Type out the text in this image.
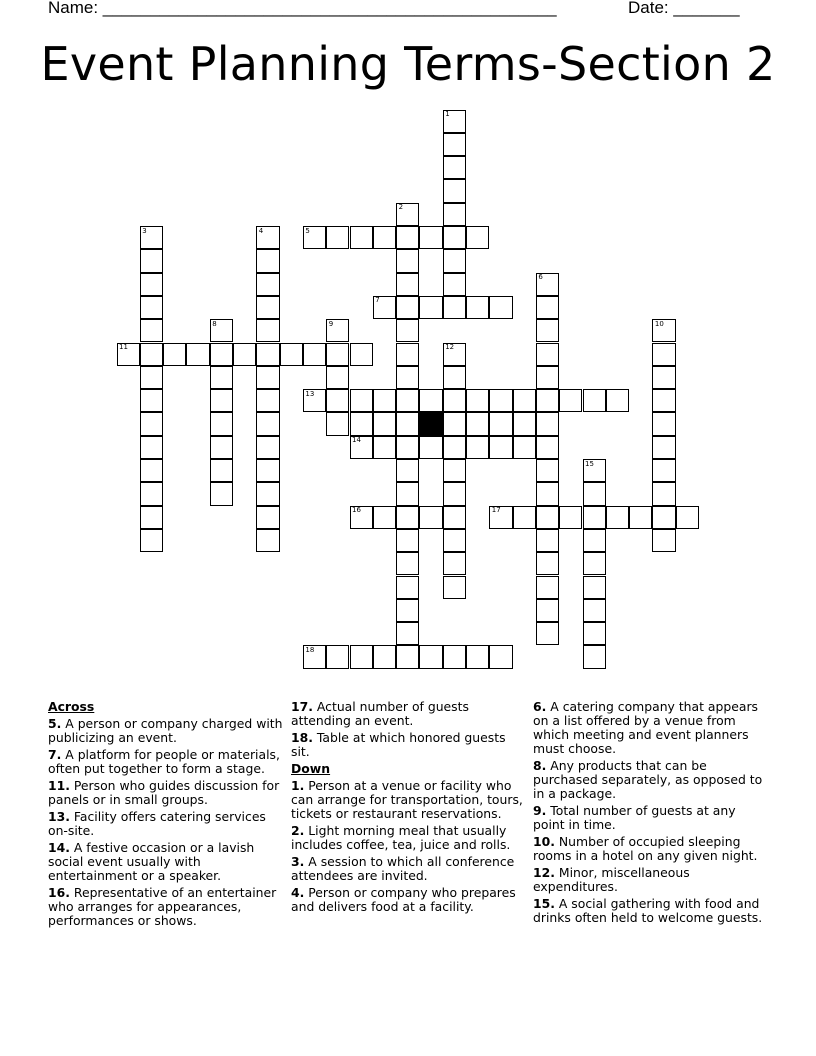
Name: ________________________________________________	Date: _______
Event Planning Terms-Section 2
1
2
3	4	5
6
7
8	9	10
11	12
13
14
15
16	17
18
Across
5. A person or company charged with publicizing an event.
7. A platform for people or materials, often put together to form a stage.
11. Person who guides discussion for panels or in small groups.
13. Facility offers catering services on-site.
14. A festive occasion or a lavish social event usually with entertainment or a speaker.
16. Representative of an entertainer who arranges for appearances, performances or shows.
17. Actual number of guests attending an event.
18. Table at which honored guests sit.
Down
1. Person at a venue or facility who can arrange for transportation, tours, tickets or restaurant reservations.
2. Light morning meal that usually includes coffee, tea, juice and rolls.
3. A session to which all conference attendees are invited.
4. Person or company who prepares and delivers food at a facility.
6. A catering company that appears on a list offered by a venue from which meeting and event planners must choose.
8. Any products that can be purchased separately, as opposed to in a package.
9. Total number of guests at any point in time.
10. Number of occupied sleeping rooms in a hotel on any given night.
12. Minor, miscellaneous expenditures.
15. A social gathering with food and drinks often held to welcome guests.
